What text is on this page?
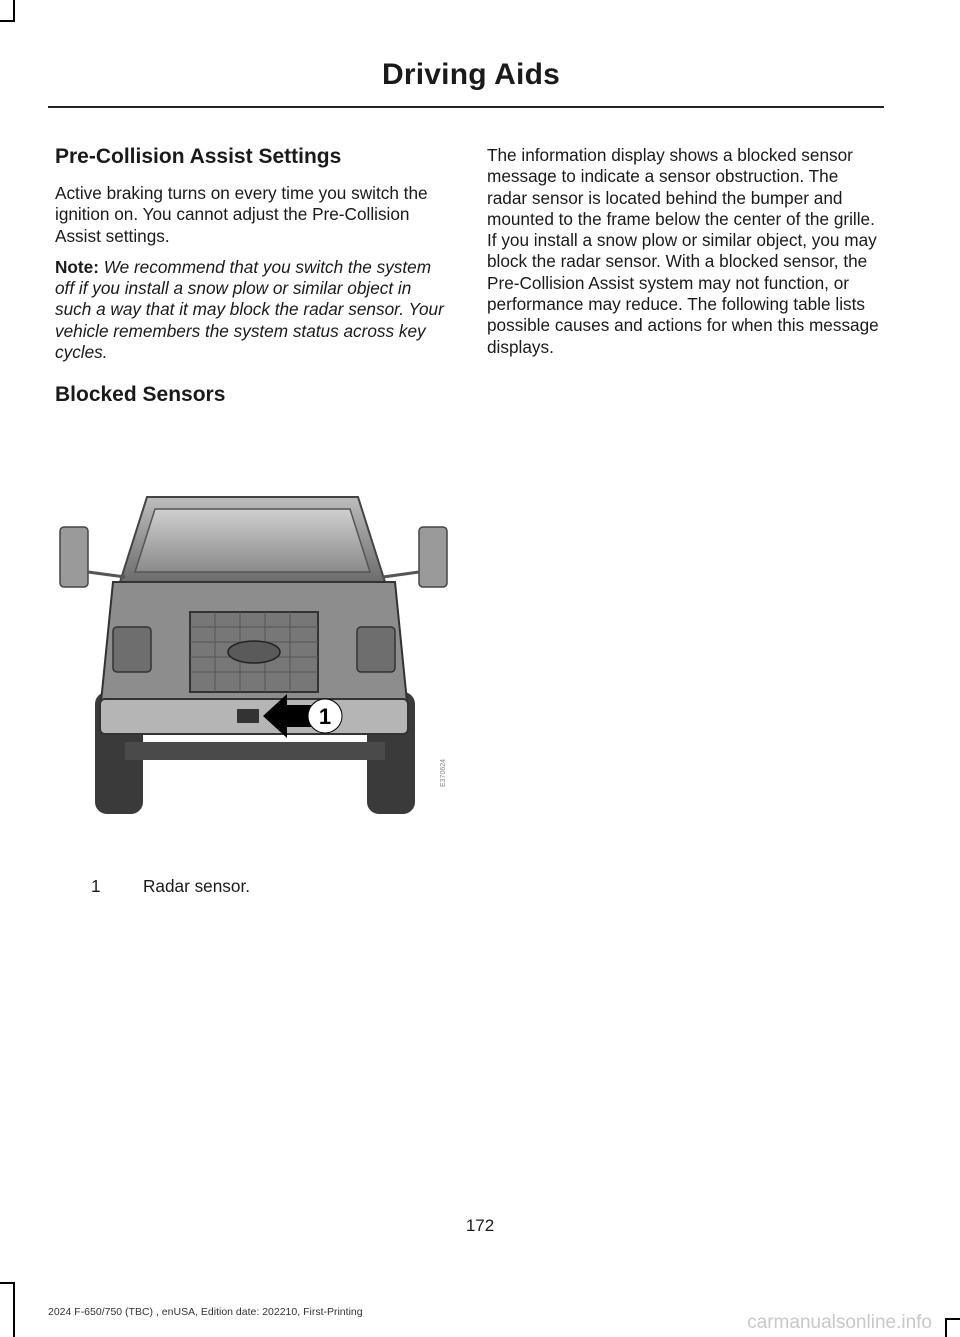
Driving Aids
Pre-Collision Assist Settings

Active braking turns on every time you switch the ignition on. You cannot adjust the Pre-Collision Assist settings.

Note: We recommend that you switch the system off if you install a snow plow or similar object in such a way that it may block the radar sensor. Your vehicle remembers the system status across key cycles.

Blocked Sensors

The information display shows a blocked sensor message to indicate a sensor obstruction. The radar sensor is located behind the bumper and mounted to the frame below the center of the grille. If you install a snow plow or similar object, you may block the radar sensor. With a blocked sensor, the Pre-Collision Assist system may not function, or performance may reduce. The following table lists possible causes and actions for when this message displays.

1
E370624
1 Radar sensor.
172
2024 F-650/750 (TBC) , enUSA, Edition date: 202210, First-Printing	carmanualsonline.info
